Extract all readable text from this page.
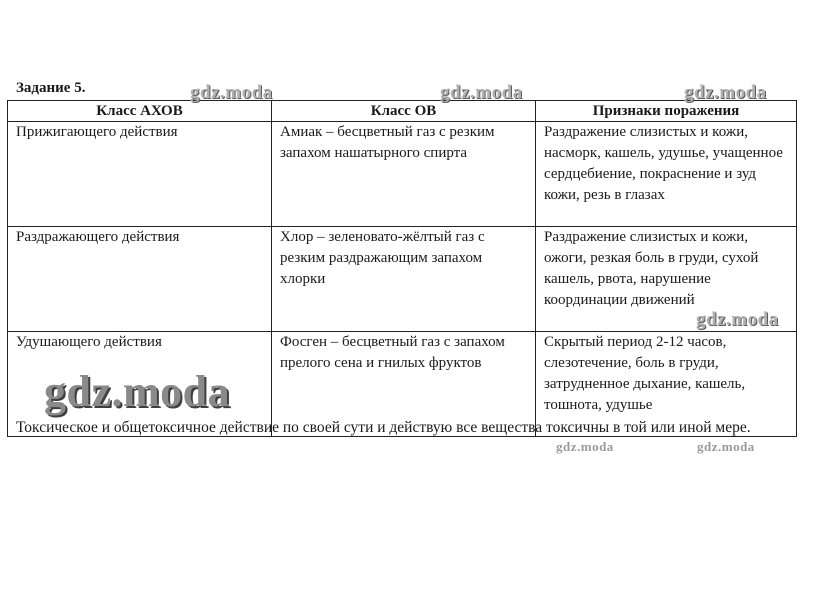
Задание 5.
Класс АХОВ	Класс ОВ	Признаки поражения
Прижигающего действия	Амиак – бесцветный газ с резким запахом нашатырного спирта	Раздражение слизистых и кожи, насморк, кашель, удушье, учащенное сердцебиение, покраснение и зуд кожи, резь в глазах
Раздражающего действия	Хлор – зеленовато-жёлтый газ с резким раздражающим запахом хлорки	Раздражение слизистых и кожи, ожоги, резкая боль в груди, сухой кашель, рвота, нарушение координации движений
Удушающего действия	Фосген – бесцветный газ с запахом прелого сена и гнилых фруктов	Скрытый период 2-12 часов, слезотечение, боль в груди, затрудненное дыхание, кашель, тошнота, удушье
Токсическое и общетоксичное действие по своей сути и действую все вещества токсичны в той или иной мере.
gdz.moda	gdz.moda	gdz.moda
gdz.moda
gdz.moda
gdz.moda	gdz.moda
